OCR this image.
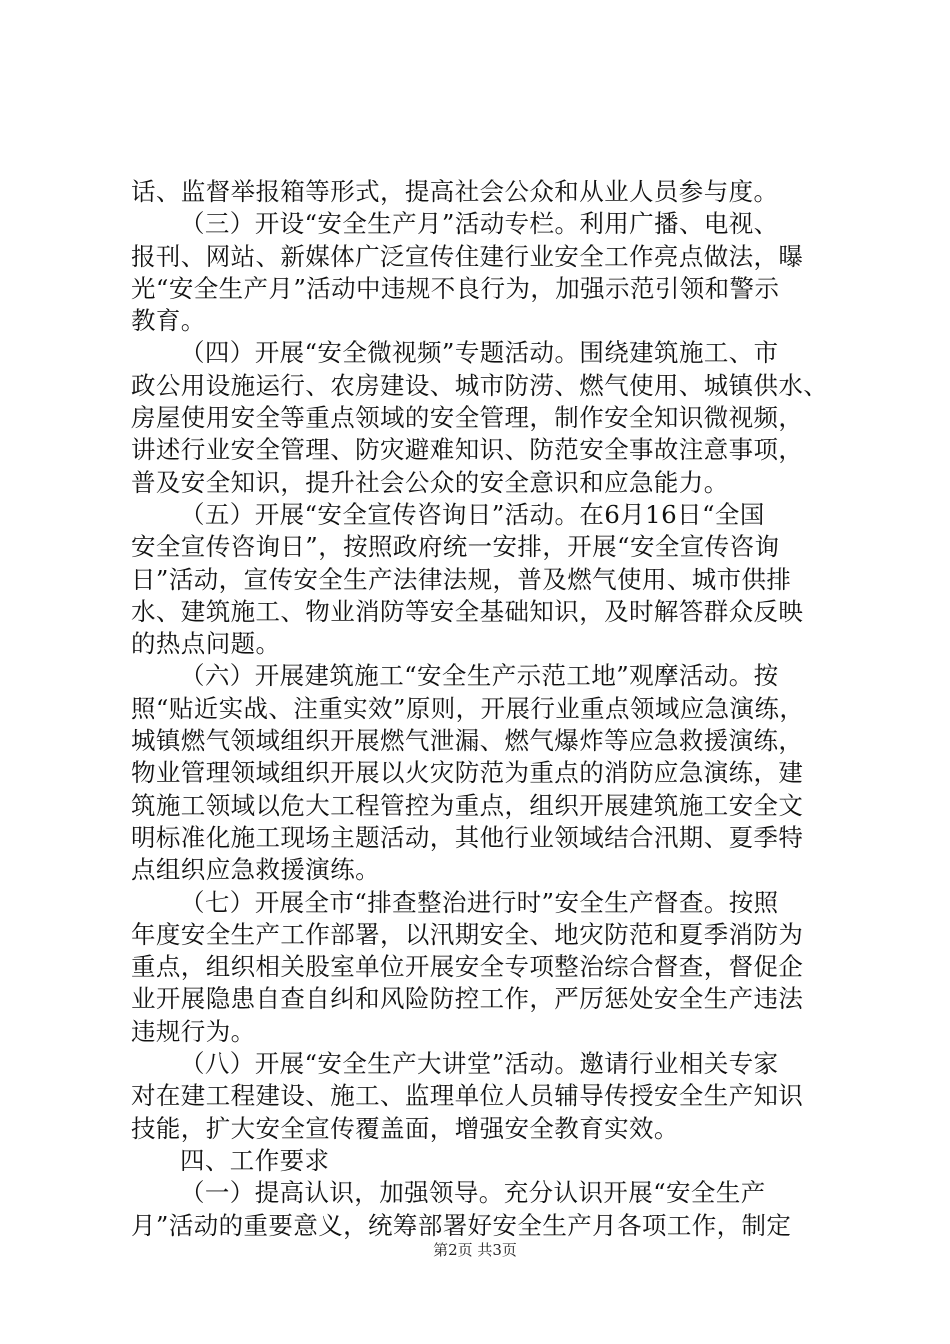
话、监督举报箱等形式，提高社会公众和从业人员参与度。
（三）开设“安全生产月”活动专栏。利用广播、电视、
报刊、网站、新媒体广泛宣传住建行业安全工作亮点做法，曝
光“安全生产月”活动中违规不良行为，加强示范引领和警示
教育。
（四）开展“安全微视频”专题活动。围绕建筑施工、市
政公用设施运行、农房建设、城市防涝、燃气使用、城镇供水、
房屋使用安全等重点领域的安全管理，制作安全知识微视频，
讲述行业安全管理、防灾避难知识、防范安全事故注意事项，
普及安全知识，提升社会公众的安全意识和应急能力。
（五）开展“安全宣传咨询日”活动。在6月16日“全国
安全宣传咨询日”，按照政府统一安排，开展“安全宣传咨询
日”活动，宣传安全生产法律法规，普及燃气使用、城市供排
水、建筑施工、物业消防等安全基础知识，及时解答群众反映
的热点问题。
（六）开展建筑施工“安全生产示范工地”观摩活动。按
照“贴近实战、注重实效”原则，开展行业重点领域应急演练，
城镇燃气领域组织开展燃气泄漏、燃气爆炸等应急救援演练，
物业管理领域组织开展以火灾防范为重点的消防应急演练，建
筑施工领域以危大工程管控为重点，组织开展建筑施工安全文
明标准化施工现场主题活动，其他行业领域结合汛期、夏季特
点组织应急救援演练。
（七）开展全市“排查整治进行时”安全生产督查。按照
年度安全生产工作部署，以汛期安全、地灾防范和夏季消防为
重点，组织相关股室单位开展安全专项整治综合督查，督促企
业开展隐患自查自纠和风险防控工作，严厉惩处安全生产违法
违规行为。
（八）开展“安全生产大讲堂”活动。邀请行业相关专家
对在建工程建设、施工、监理单位人员辅导传授安全生产知识
技能，扩大安全宣传覆盖面，增强安全教育实效。
四、工作要求
（一）提高认识，加强领导。充分认识开展“安全生产
月”活动的重要意义，统筹部署好安全生产月各项工作，制定
第2页 共3页
